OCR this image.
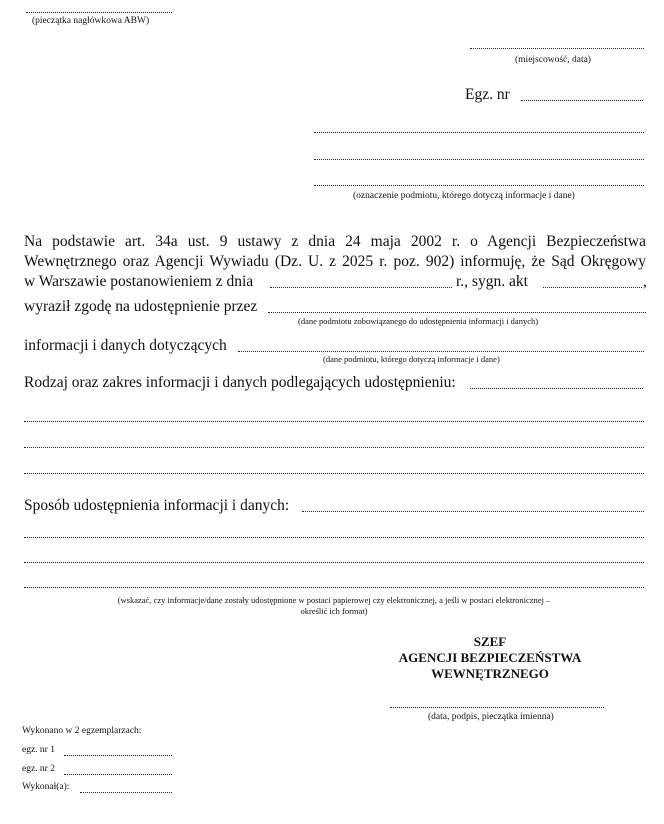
(pieczątka nagłówkowa ABW)
(miejscowość, data)
Egz. nr
(oznaczenie podmiotu, którego dotyczą informacje i dane)
Na podstawie art. 34a ust. 9 ustawy z dnia 24 maja 2002 r. o Agencji Bezpieczeństwa
Wewnętrznego oraz Agencji Wywiadu (Dz. U. z 2025 r. poz. 902) informuję, że Sąd Okręgowy
w Warszawie postanowieniem z dnia	r., sygn. akt	,
wyraził zgodę na udostępnienie przez
(dane podmiotu zobowiązanego do udostępnienia informacji i danych)
informacji i danych dotyczących
(dane podmiotu, którego dotyczą informacje i dane)
Rodzaj oraz zakres informacji i danych podlegających udostępnieniu:
Sposób udostępnienia informacji i danych:
(wskazać, czy informacje/dane zostały udostępnione w postaci papierowej czy elektronicznej, a jeśli w postaci elektronicznej –
określić ich format)
SZEF
AGENCJI BEZPIECZEŃSTWA
WEWNĘTRZNEGO
(data, podpis, pieczątka imienna)
Wykonano w 2 egzemplarzach:
egz. nr 1
egz. nr 2
Wykonał(a):
